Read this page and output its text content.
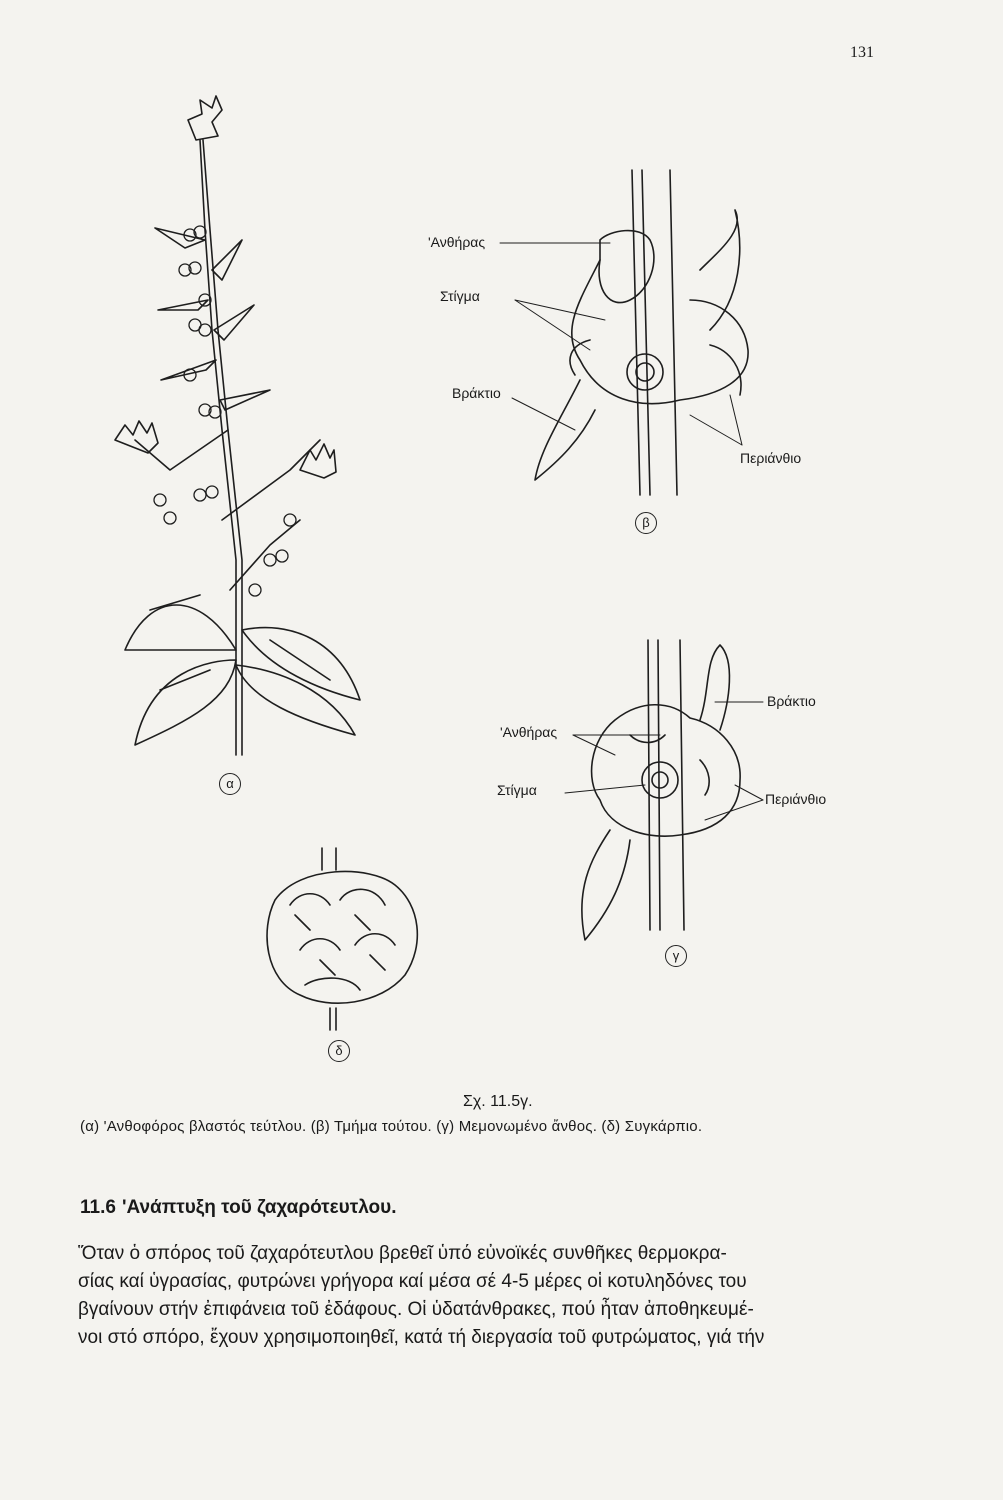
131
'Ανθήρας
Στίγμα
Βράκτιο
Περιάνθιο
'Ανθήρας
Στίγμα
Βράκτιο
Περιάνθιο
α
β
γ
δ
Σχ. 11.5γ.
(α) 'Ανθοφόρος βλαστός τεύτλου. (β) Τμήμα τούτου. (γ) Μεμονωμένο ἄνθος. (δ) Συγκάρπιο.
11.6 'Ανάπτυξη τοῦ ζαχαρότευτλου.
Ὅταν ὁ σπόρος τοῦ ζαχαρότευτλου βρεθεῖ ὑπό εὐνοϊκές συνθῆκες θερμοκρα-
σίας καί ὑγρασίας, φυτρώνει γρήγορα καί μέσα σέ 4-5 μέρες οἱ κοτυληδόνες του
βγαίνουν στήν ἐπιφάνεια τοῦ ἐδάφους. Οἱ ὑδατάνθρακες, πού ἦταν ἀποθηκευμέ-
νοι στό σπόρο, ἔχουν χρησιμοποιηθεῖ, κατά τή διεργασία τοῦ φυτρώματος, γιά τήν
